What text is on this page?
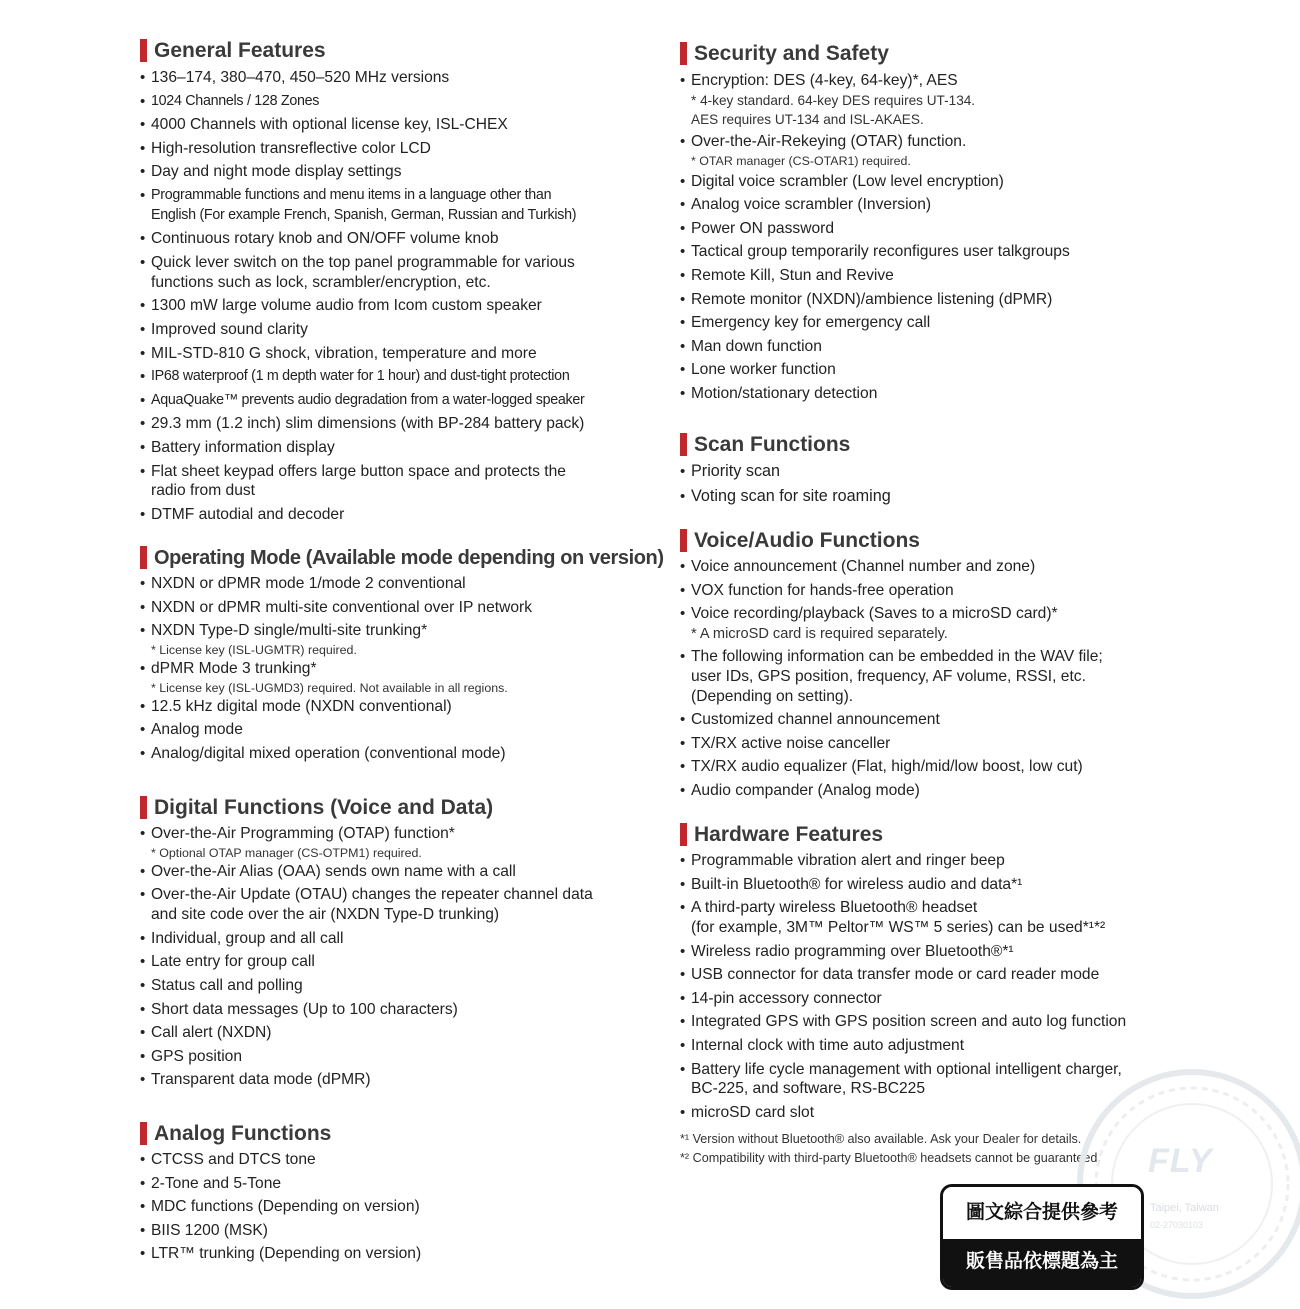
General Features
• 136–174, 380–470, 450–520 MHz versions
• 1024 Channels / 128 Zones
• 4000 Channels with optional license key, ISL-CHEX
• High-resolution transreflective color LCD
• Day and night mode display settings
• Programmable functions and menu items in a language other than
English (For example French, Spanish, German, Russian and Turkish)
• Continuous rotary knob and ON/OFF volume knob
• Quick lever switch on the top panel programmable for various
functions such as lock, scrambler/encryption, etc.
• 1300 mW large volume audio from Icom custom speaker
• Improved sound clarity
• MIL-STD-810 G shock, vibration, temperature and more
• IP68 waterproof (1 m depth water for 1 hour) and dust-tight protection
• AquaQuake™ prevents audio degradation from a water-logged speaker
• 29.3 mm (1.2 inch) slim dimensions (with BP-284 battery pack)
• Battery information display
• Flat sheet keypad offers large button space and protects the
radio from dust
• DTMF autodial and decoder
Operating Mode (Available mode depending on version)
• NXDN or dPMR mode 1/mode 2 conventional
• NXDN or dPMR multi-site conventional over IP network
• NXDN Type-D single/multi-site trunking*
* License key (ISL-UGMTR) required.
• dPMR Mode 3 trunking*
* License key (ISL-UGMD3) required. Not available in all regions.
• 12.5 kHz digital mode (NXDN conventional)
• Analog mode
• Analog/digital mixed operation (conventional mode)
Digital Functions (Voice and Data)
• Over-the-Air Programming (OTAP) function*
* Optional OTAP manager (CS-OTPM1) required.
• Over-the-Air Alias (OAA) sends own name with a call
• Over-the-Air Update (OTAU) changes the repeater channel data
and site code over the air (NXDN Type-D trunking)
• Individual, group and all call
• Late entry for group call
• Status call and polling
• Short data messages (Up to 100 characters)
• Call alert (NXDN)
• GPS position
• Transparent data mode (dPMR)
Analog Functions
• CTCSS and DTCS tone
• 2-Tone and 5-Tone
• MDC functions (Depending on version)
• BIIS 1200 (MSK)
• LTR™ trunking (Depending on version)
Security and Safety
• Encryption: DES (4-key, 64-key)*, AES
* 4-key standard. 64-key DES requires UT-134.
AES requires UT-134 and ISL-AKAES.
• Over-the-Air-Rekeying (OTAR) function.
* OTAR manager (CS-OTAR1) required.
• Digital voice scrambler (Low level encryption)
• Analog voice scrambler (Inversion)
• Power ON password
• Tactical group temporarily reconfigures user talkgroups
• Remote Kill, Stun and Revive
• Remote monitor (NXDN)/ambience listening (dPMR)
• Emergency key for emergency call
• Man down function
• Lone worker function
• Motion/stationary detection
Scan Functions
• Priority scan
• Voting scan for site roaming
Voice/Audio Functions
• Voice announcement (Channel number and zone)
• VOX function for hands-free operation
• Voice recording/playback (Saves to a microSD card)*
* A microSD card is required separately.
• The following information can be embedded in the WAV file;
user IDs, GPS position, frequency, AF volume, RSSI, etc.
(Depending on setting).
• Customized channel announcement
• TX/RX active noise canceller
• TX/RX audio equalizer (Flat, high/mid/low boost, low cut)
• Audio compander (Analog mode)
Hardware Features
• Programmable vibration alert and ringer beep
• Built-in Bluetooth® for wireless audio and data*¹
• A third-party wireless Bluetooth® headset
(for example, 3M™ Peltor™ WS™ 5 series) can be used*¹*²
• Wireless radio programming over Bluetooth®*¹
• USB connector for data transfer mode or card reader mode
• 14-pin accessory connector
• Integrated GPS with GPS position screen and auto log function
• Internal clock with time auto adjustment
• Battery life cycle management with optional intelligent charger,
BC-225, and software, RS-BC225
• microSD card slot
*¹ Version without Bluetooth® also available. Ask your Dealer for details.
*² Compatibility with third-party Bluetooth® headsets cannot be guaranteed.	FLY
Taipei, Taiwan
02-27030103
圖文綜合提供參考
販售品依標題為主
